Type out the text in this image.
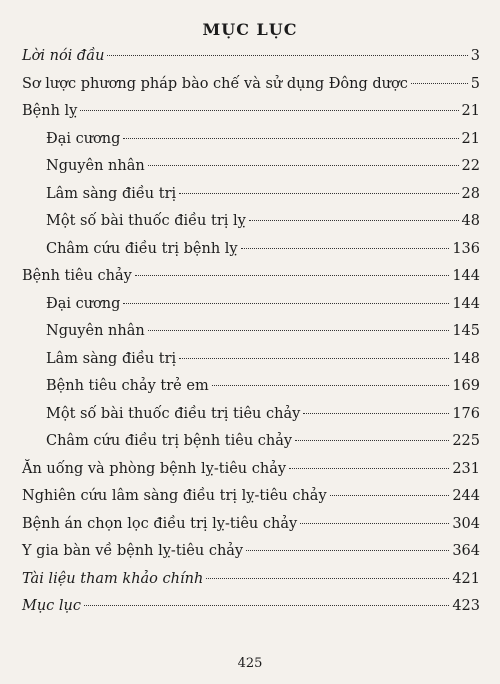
MỤC LỤC
Lời nói đầu	3
Sơ lược phương pháp bào chế và sử dụng Đông dược	5
Bệnh lỵ	21
Đại cương	21
Nguyên nhân	22
Lâm sàng điều trị	28
Một số bài thuốc điều trị lỵ	48
Châm cứu điều trị bệnh lỵ	136
Bệnh tiêu chảy	144
Đại cương	144
Nguyên nhân	145
Lâm sàng điều trị	148
Bệnh tiêu chảy trẻ em	169
Một số bài thuốc điều trị tiêu chảy	176
Châm cứu điều trị bệnh tiêu chảy	225
Ăn uống và phòng bệnh lỵ-tiêu chảy	231
Nghiên cứu lâm sàng điều trị lỵ-tiêu chảy	244
Bệnh án chọn lọc điều trị lỵ-tiêu chảy	304
Y gia bàn về bệnh lỵ-tiêu chảy	364
Tài liệu tham khảo chính	421
Mục lục	423
425
